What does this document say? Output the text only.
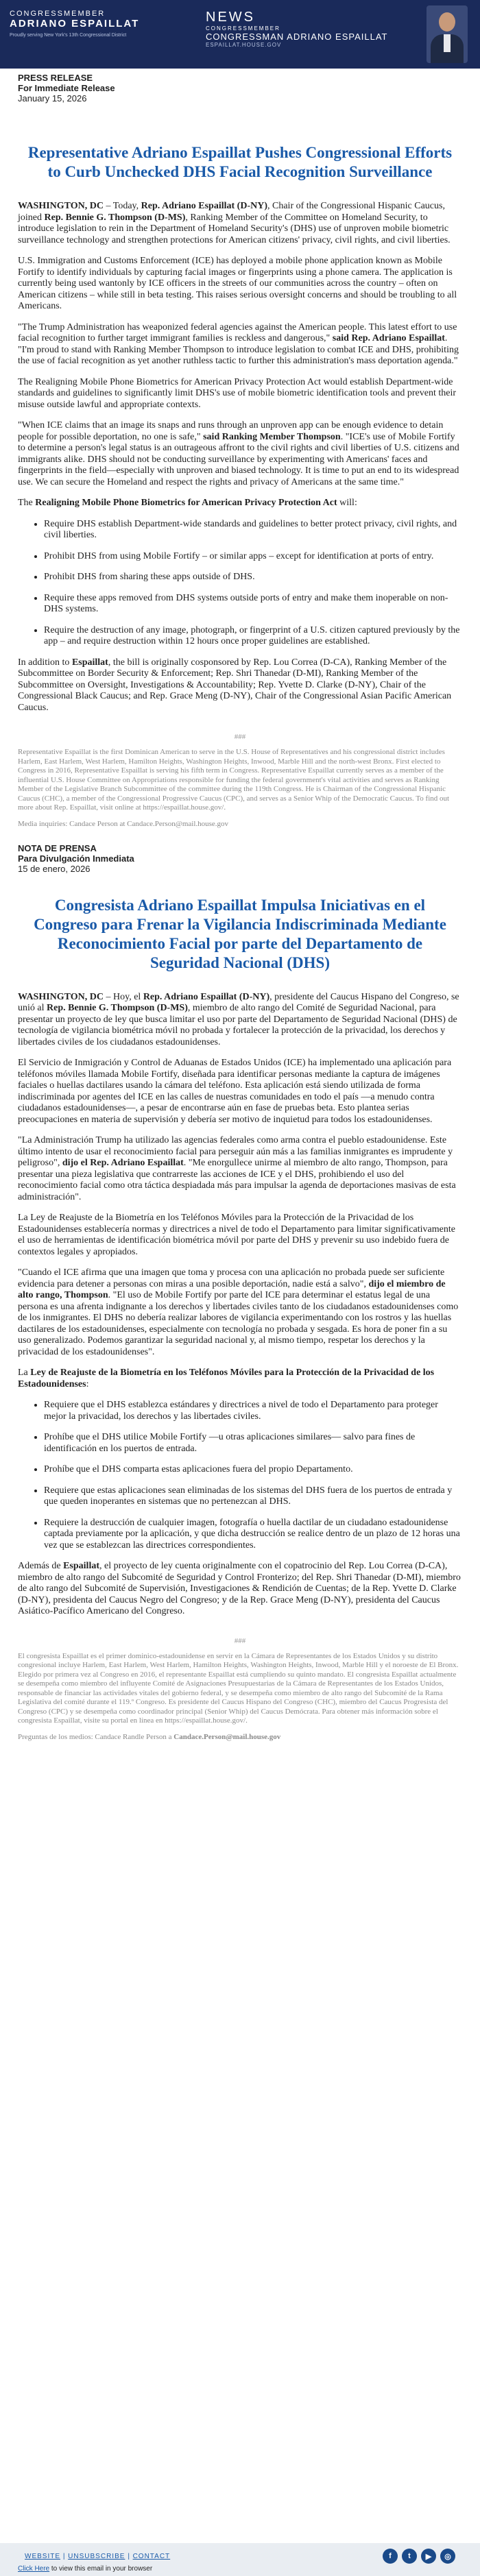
CONGRESSMEMBER
ADRIANO ESPAILLAT
Proudly serving New York's 13th Congressional District
NEWS
CONGRESSMEMBER
CONGRESSMAN ADRIANO ESPAILLAT
ESPAILLAT.HOUSE.GOV
PRESS RELEASE
For Immediate Release
January 15, 2026
Representative Adriano Espaillat Pushes Congressional Efforts to Curb Unchecked DHS Facial Recognition Surveillance

WASHINGTON, DC – Today, Rep. Adriano Espaillat (D-NY), Chair of the Congressional Hispanic Caucus, joined Rep. Bennie G. Thompson (D-MS), Ranking Member of the Committee on Homeland Security, to introduce legislation to rein in the Department of Homeland Security's (DHS) use of unproven mobile biometric surveillance technology and strengthen protections for American citizens' privacy, civil rights, and civil liberties.

U.S. Immigration and Customs Enforcement (ICE) has deployed a mobile phone application known as Mobile Fortify to identify individuals by capturing facial images or fingerprints using a phone camera. The application is currently being used wantonly by ICE officers in the streets of our communities across the country – often on American citizens – while still in beta testing. This raises serious oversight concerns and should be troubling to all Americans.

"The Trump Administration has weaponized federal agencies against the American people. This latest effort to use facial recognition to further target immigrant families is reckless and dangerous," said Rep. Adriano Espaillat. "I'm proud to stand with Ranking Member Thompson to introduce legislation to combat ICE and DHS, prohibiting the use of facial recognition as yet another ruthless tactic to further this administration's mass deportation agenda."

The Realigning Mobile Phone Biometrics for American Privacy Protection Act would establish Department-wide standards and guidelines to significantly limit DHS's use of mobile biometric identification tools and prevent their misuse outside lawful and appropriate contexts.

"When ICE claims that an image its snaps and runs through an unproven app can be enough evidence to detain people for possible deportation, no one is safe," said Ranking Member Thompson. "ICE's use of Mobile Fortify to determine a person's legal status is an outrageous affront to the civil rights and civil liberties of U.S. citizens and immigrants alike. DHS should not be conducting surveillance by experimenting with Americans' faces and fingerprints in the field—especially with unproven and biased technology. It is time to put an end to its widespread use. We can secure the Homeland and respect the rights and privacy of Americans at the same time."

The Realigning Mobile Phone Biometrics for American Privacy Protection Act will:

• Require DHS establish Department-wide standards and guidelines to better protect privacy, civil rights, and civil liberties.
• Prohibit DHS from using Mobile Fortify – or similar apps – except for identification at ports of entry.
• Prohibit DHS from sharing these apps outside of DHS.
• Require these apps removed from DHS systems outside ports of entry and make them inoperable on non-DHS systems.
• Require the destruction of any image, photograph, or fingerprint of a U.S. citizen captured previously by the app – and require destruction within 12 hours once proper guidelines are established.

In addition to Espaillat, the bill is originally cosponsored by Rep. Lou Correa (D-CA), Ranking Member of the Subcommittee on Border Security & Enforcement; Rep. Shri Thanedar (D-MI), Ranking Member of the Subcommittee on Oversight, Investigations & Accountability; Rep. Yvette D. Clarke (D-NY), Chair of the Congressional Black Caucus; and Rep. Grace Meng (D-NY), Chair of the Congressional Asian Pacific American Caucus.

###
Representative Espaillat is the first Dominican American to serve in the U.S. House of Representatives and his congressional district includes Harlem, East Harlem, West Harlem, Hamilton Heights, Washington Heights, Inwood, Marble Hill and the north-west Bronx. First elected to Congress in 2016, Representative Espaillat is serving his fifth term in Congress. Representative Espaillat currently serves as a member of the influential U.S. House Committee on Appropriations responsible for funding the federal government's vital activities and serves as Ranking Member of the Legislative Branch Subcommittee of the committee during the 119th Congress. He is Chairman of the Congressional Hispanic Caucus (CHC), a member of the Congressional Progressive Caucus (CPC), and serves as a Senior Whip of the Democratic Caucus. To find out more about Rep. Espaillat, visit online at https://espaillat.house.gov/.
Media inquiries: Candace Person at Candace.Person@mail.house.gov
NOTA DE PRENSA
Para Divulgación Inmediata
15 de enero, 2026
Congresista Adriano Espaillat Impulsa Iniciativas en el Congreso para Frenar la Vigilancia Indiscriminada Mediante Reconocimiento Facial por parte del Departamento de Seguridad Nacional (DHS)

WASHINGTON, DC – Hoy, el Rep. Adriano Espaillat (D-NY), presidente del Caucus Hispano del Congreso, se unió al Rep. Bennie G. Thompson (D-MS), miembro de alto rango del Comité de Seguridad Nacional, para presentar un proyecto de ley que busca limitar el uso por parte del Departamento de Seguridad Nacional (DHS) de tecnología de vigilancia biométrica móvil no probada y fortalecer la protección de la privacidad, los derechos y libertades civiles de los ciudadanos estadounidenses.

El Servicio de Inmigración y Control de Aduanas de Estados Unidos (ICE) ha implementado una aplicación para teléfonos móviles llamada Mobile Fortify, diseñada para identificar personas mediante la captura de imágenes faciales o huellas dactilares usando la cámara del teléfono. Esta aplicación está siendo utilizada de forma indiscriminada por agentes del ICE en las calles de nuestras comunidades en todo el país —a menudo contra ciudadanos estadounidenses—, a pesar de encontrarse aún en fase de pruebas beta. Esto plantea serias preocupaciones en materia de supervisión y debería ser motivo de inquietud para todos los estadounidenses.

"La Administración Trump ha utilizado las agencias federales como arma contra el pueblo estadounidense. Este último intento de usar el reconocimiento facial para perseguir aún más a las familias inmigrantes es imprudente y peligroso", dijo el Rep. Adriano Espaillat. "Me enorgullece unirme al miembro de alto rango, Thompson, para presentar una pieza legislativa que contrarreste las acciones de ICE y el DHS, prohibiendo el uso del reconocimiento facial como otra táctica despiadada más para impulsar la agenda de deportaciones masivas de esta administración".

La Ley de Reajuste de la Biometría en los Teléfonos Móviles para la Protección de la Privacidad de los Estadounidenses establecería normas y directrices a nivel de todo el Departamento para limitar significativamente el uso de herramientas de identificación biométrica móvil por parte del DHS y prevenir su uso indebido fuera de contextos legales y apropiados.

"Cuando el ICE afirma que una imagen que toma y procesa con una aplicación no probada puede ser suficiente evidencia para detener a personas con miras a una posible deportación, nadie está a salvo", dijo el miembro de alto rango, Thompson. "El uso de Mobile Fortify por parte del ICE para determinar el estatus legal de una persona es una afrenta indignante a los derechos y libertades civiles tanto de los ciudadanos estadounidenses como de los inmigrantes. El DHS no debería realizar labores de vigilancia experimentando con los rostros y las huellas dactilares de los estadounidenses, especialmente con tecnología no probada y sesgada. Es hora de poner fin a su uso generalizado. Podemos garantizar la seguridad nacional y, al mismo tiempo, respetar los derechos y la privacidad de los estadounidenses".

La Ley de Reajuste de la Biometría en los Teléfonos Móviles para la Protección de la Privacidad de los Estadounidenses:

• Requiere que el DHS establezca estándares y directrices a nivel de todo el Departamento para proteger mejor la privacidad, los derechos y las libertades civiles.
• Prohíbe que el DHS utilice Mobile Fortify —u otras aplicaciones similares— salvo para fines de identificación en los puertos de entrada.
• Prohíbe que el DHS comparta estas aplicaciones fuera del propio Departamento.
• Requiere que estas aplicaciones sean eliminadas de los sistemas del DHS fuera de los puertos de entrada y que queden inoperantes en sistemas que no pertenezcan al DHS.
• Requiere la destrucción de cualquier imagen, fotografía o huella dactilar de un ciudadano estadounidense captada previamente por la aplicación, y que dicha destrucción se realice dentro de un plazo de 12 horas una vez que se establezcan las directrices correspondientes.

Además de Espaillat, el proyecto de ley cuenta originalmente con el copatrocinio del Rep. Lou Correa (D-CA), miembro de alto rango del Subcomité de Seguridad y Control Fronterizo; del Rep. Shri Thanedar (D-MI), miembro de alto rango del Subcomité de Supervisión, Investigaciones & Rendición de Cuentas; de la Rep. Yvette D. Clarke (D-NY), presidenta del Caucus Negro del Congreso; y de la Rep. Grace Meng (D-NY), presidenta del Caucus Asiático-Pacífico Americano del Congreso.

###
El congresista Espaillat es el primer dominico-estadounidense en servir en la Cámara de Representantes de los Estados Unidos y su distrito congresional incluye Harlem, East Harlem, West Harlem, Hamilton Heights, Washington Heights, Inwood, Marble Hill y el noroeste de El Bronx. Elegido por primera vez al Congreso en 2016, el representante Espaillat está cumpliendo su quinto mandato. El congresista Espaillat actualmente se desempeña como miembro del influyente Comité de Asignaciones Presupuestarias de la Cámara de Representantes de los Estados Unidos, responsable de financiar las actividades vitales del gobierno federal, y se desempeña como miembro de alto rango del Subcomité de la Rama Legislativa del comité durante el 119.º Congreso. Es presidente del Caucus Hispano del Congreso (CHC), miembro del Caucus Progresista del Congreso (CPC) y se desempeña como coordinador principal (Senior Whip) del Caucus Demócrata. Para obtener más información sobre el congresista Espaillat, visite su portal en línea en https://espaillat.house.gov/.
Preguntas de los medios: Candace Randle Person a Candace.Person@mail.house.gov
WEBSITE | UNSUBSCRIBE | CONTACT	f	t	▶	◎
Click Here to view this email in your browser
